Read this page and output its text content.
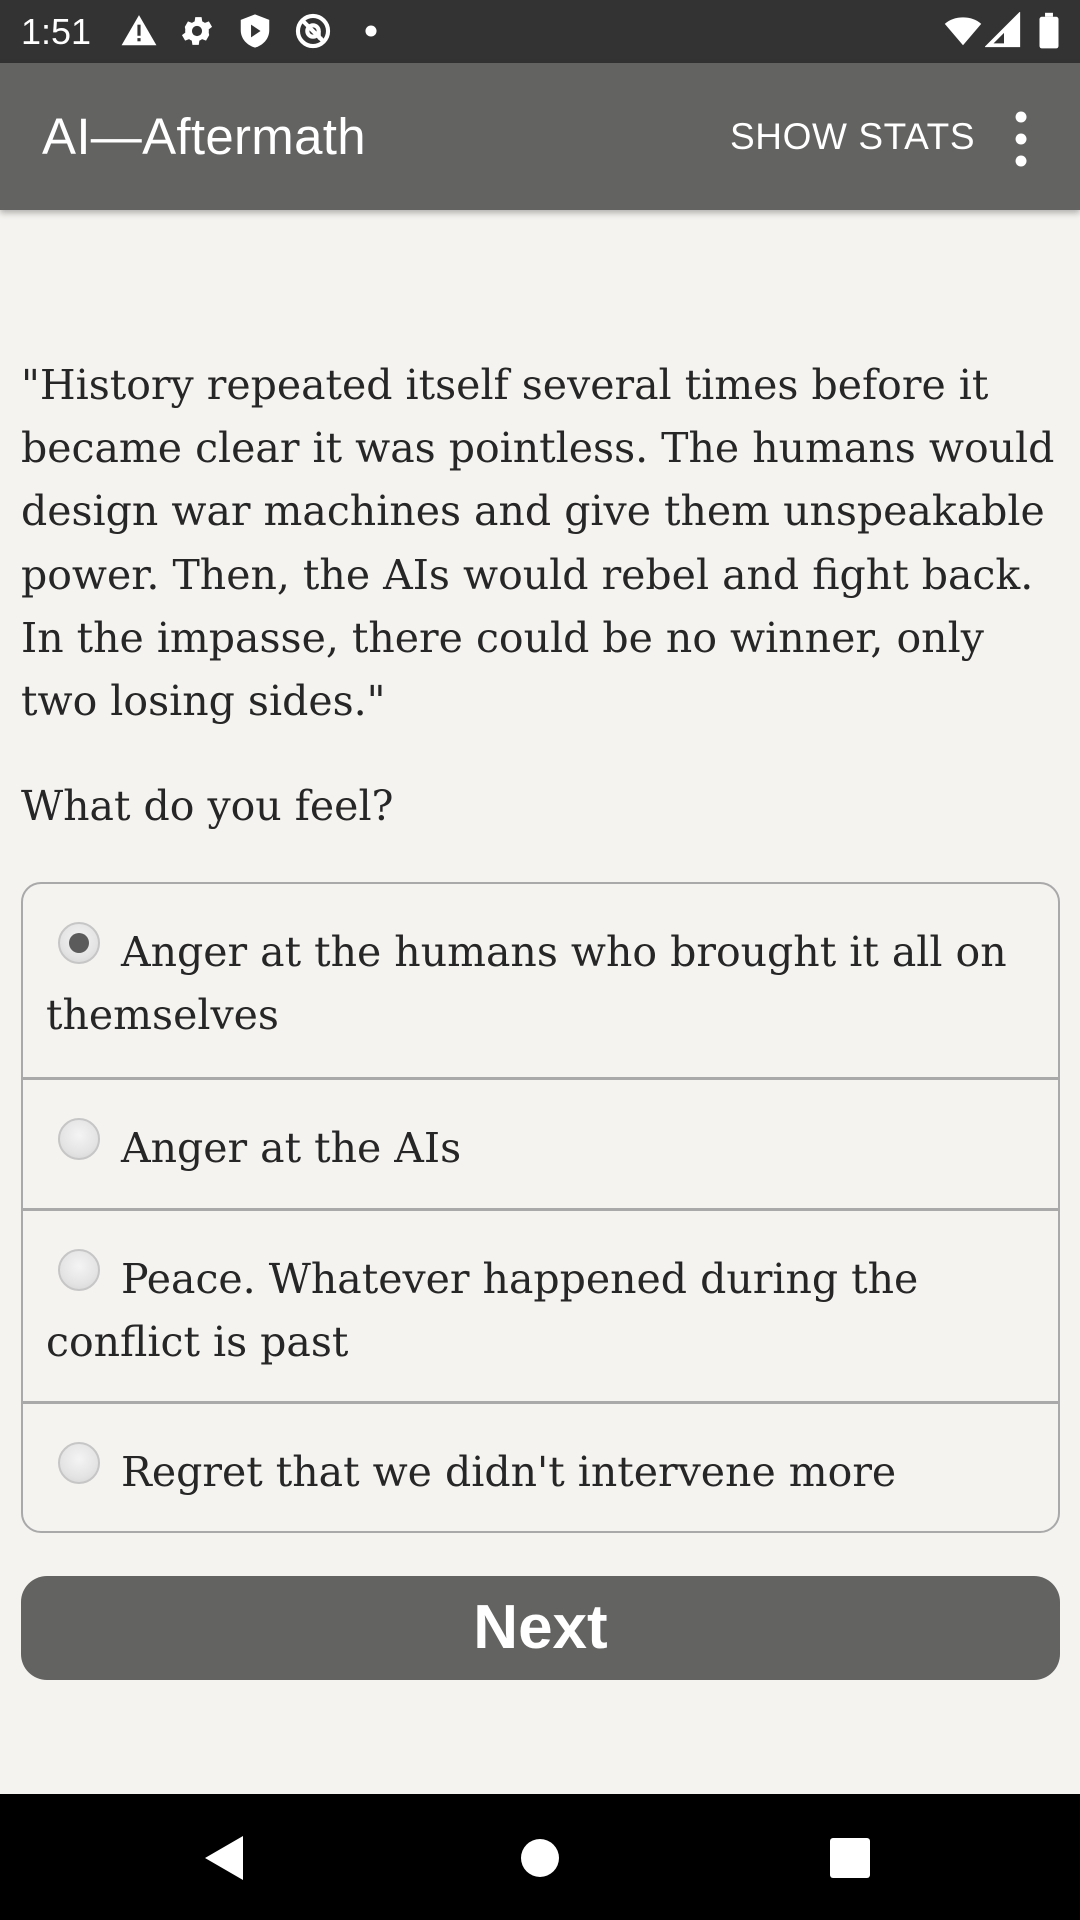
1:51
AI—Aftermath	SHOW STATS

"History repeated itself several times before it became clear it was pointless. The humans would design war machines and give them unspeakable power. Then, the AIs would rebel and fight back. In the impasse, there could be no winner, only two losing sides."

What do you feel?

Anger at the humans who brought it all on themselves
Anger at the AIs
Peace. Whatever happened during the conflict is past
Regret that we didn't intervene more
Next
